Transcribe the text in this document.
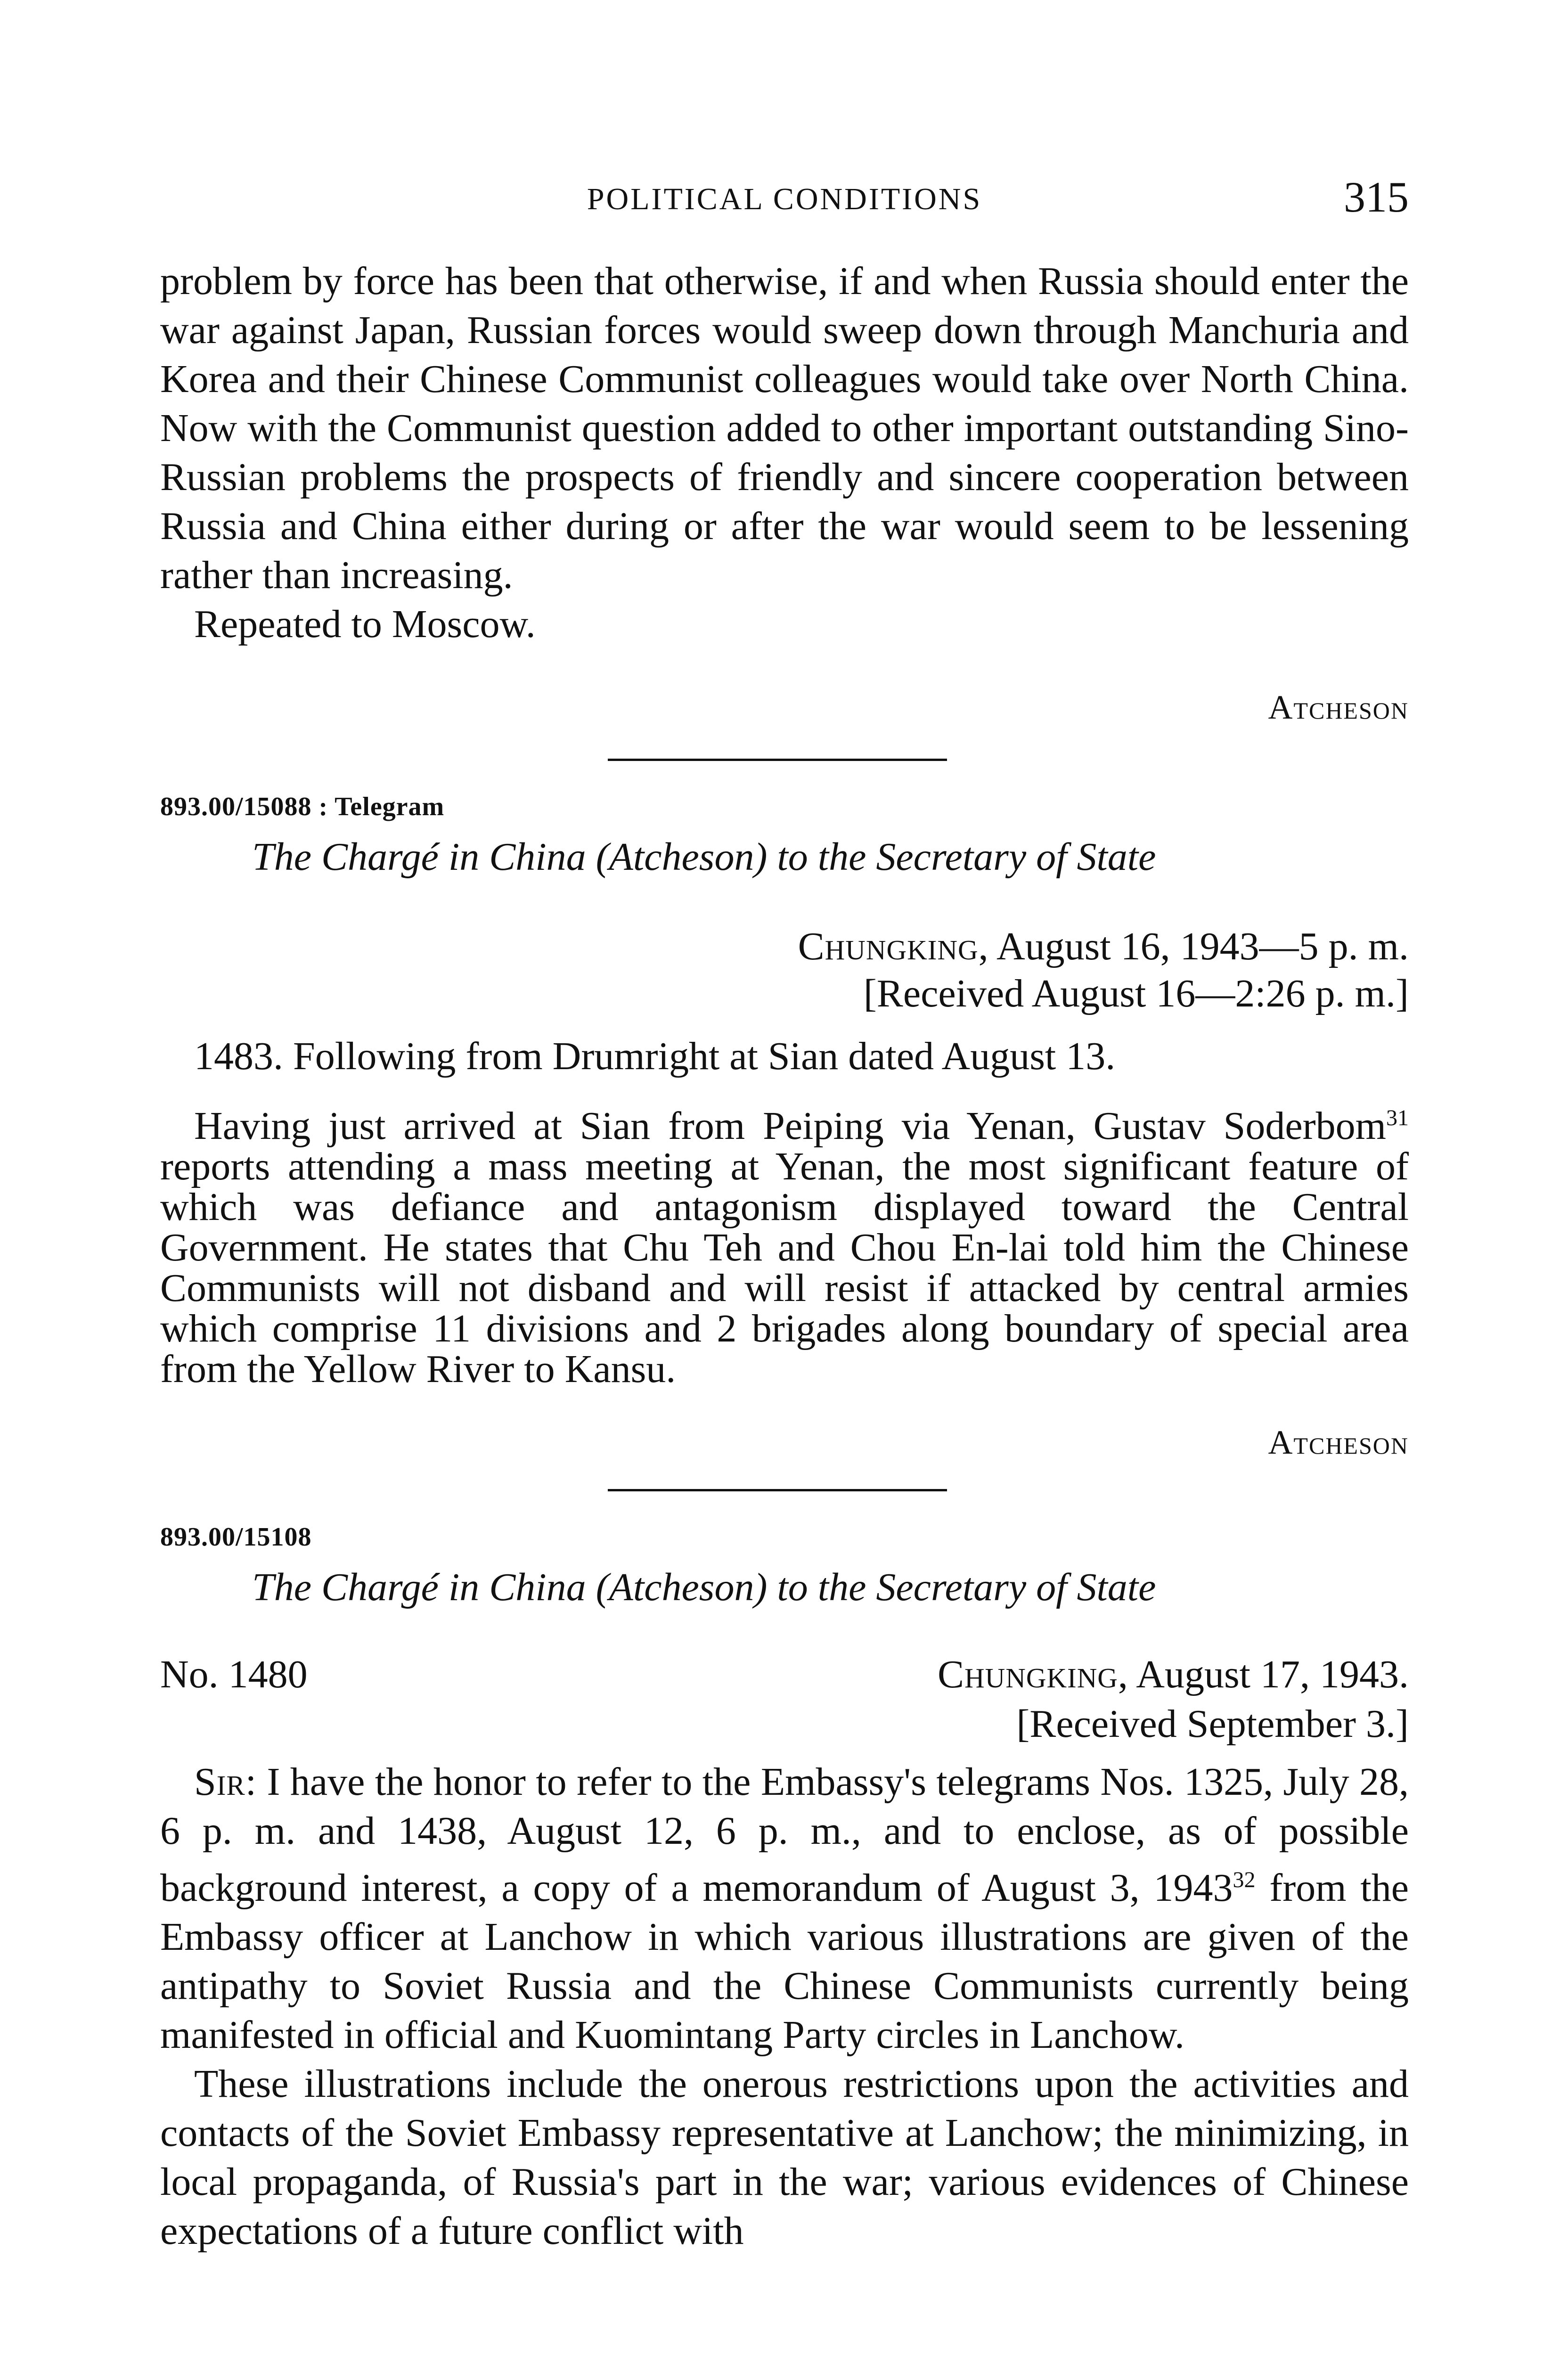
POLITICAL CONDITIONS	315

problem by force has been that otherwise, if and when Russia should enter the war against Japan, Russian forces would sweep down through Manchuria and Korea and their Chinese Communist colleagues would take over North China. Now with the Communist question added to other important outstanding Sino-Russian problems the prospects of friendly and sincere cooperation between Russia and China either during or after the war would seem to be lessening rather than increasing.

Repeated to Moscow.

Atcheson
893.00/15088 : Telegram
The Chargé in China (Atcheson) to the Secretary of State
Chungking, August 16, 1943—5 p. m.
[Received August 16—2:26 p. m.]

1483. Following from Drumright at Sian dated August 13.

Having just arrived at Sian from Peiping via Yenan, Gustav Soderbom$^{31}$ reports attending a mass meeting at Yenan, the most significant feature of which was defiance and antagonism displayed toward the Central Government. He states that Chu Teh and Chou En-lai told him the Chinese Communists will not disband and will resist if attacked by central armies which comprise 11 divisions and 2 brigades along boundary of special area from the Yellow River to Kansu.

Atcheson
893.00/15108
The Chargé in China (Atcheson) to the Secretary of State
No. 1480	Chungking, August 17, 1943.
[Received September 3.]

Sir: I have the honor to refer to the Embassy's telegrams Nos. 1325, July 28, 6 p. m. and 1438, August 12, 6 p. m., and to enclose, as of possible background interest, a copy of a memorandum of August 3, 1943$^{32}$ from the Embassy officer at Lanchow in which various illustrations are given of the antipathy to Soviet Russia and the Chinese Communists currently being manifested in official and Kuomintang Party circles in Lanchow.

These illustrations include the onerous restrictions upon the activities and contacts of the Soviet Embassy representative at Lanchow; the minimizing, in local propaganda, of Russia's part in the war; various evidences of Chinese expectations of a future conflict with
